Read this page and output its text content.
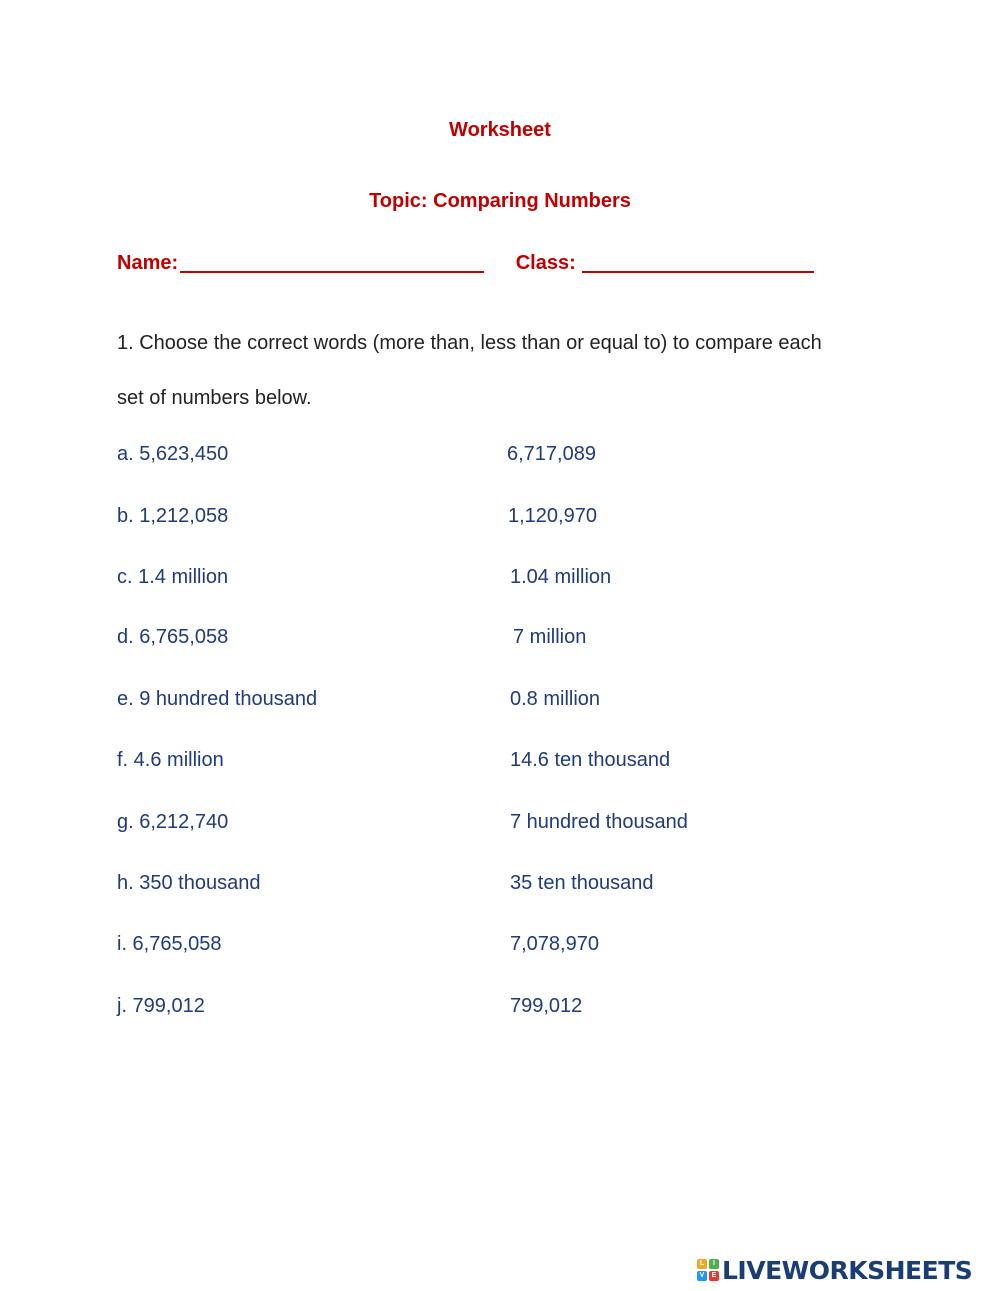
Worksheet
Topic: Comparing Numbers
Name:	Class:
1. Choose the correct words (more than, less than or equal to) to compare each
set of numbers below.
a. 5,623,450	6,717,089
b. 1,212,058	1,120,970
c. 1.4 million	1.04 million
d. 6,765,058	7 million
e. 9 hundred thousand	0.8 million
f. 4.6 million	14.6 ten thousand
g. 6,212,740	7 hundred thousand
h. 350 thousand	35 ten thousand
i. 6,765,058	7,078,970
j. 799,012	799,012
L	I
V	E LIVEWORKSHEETS
